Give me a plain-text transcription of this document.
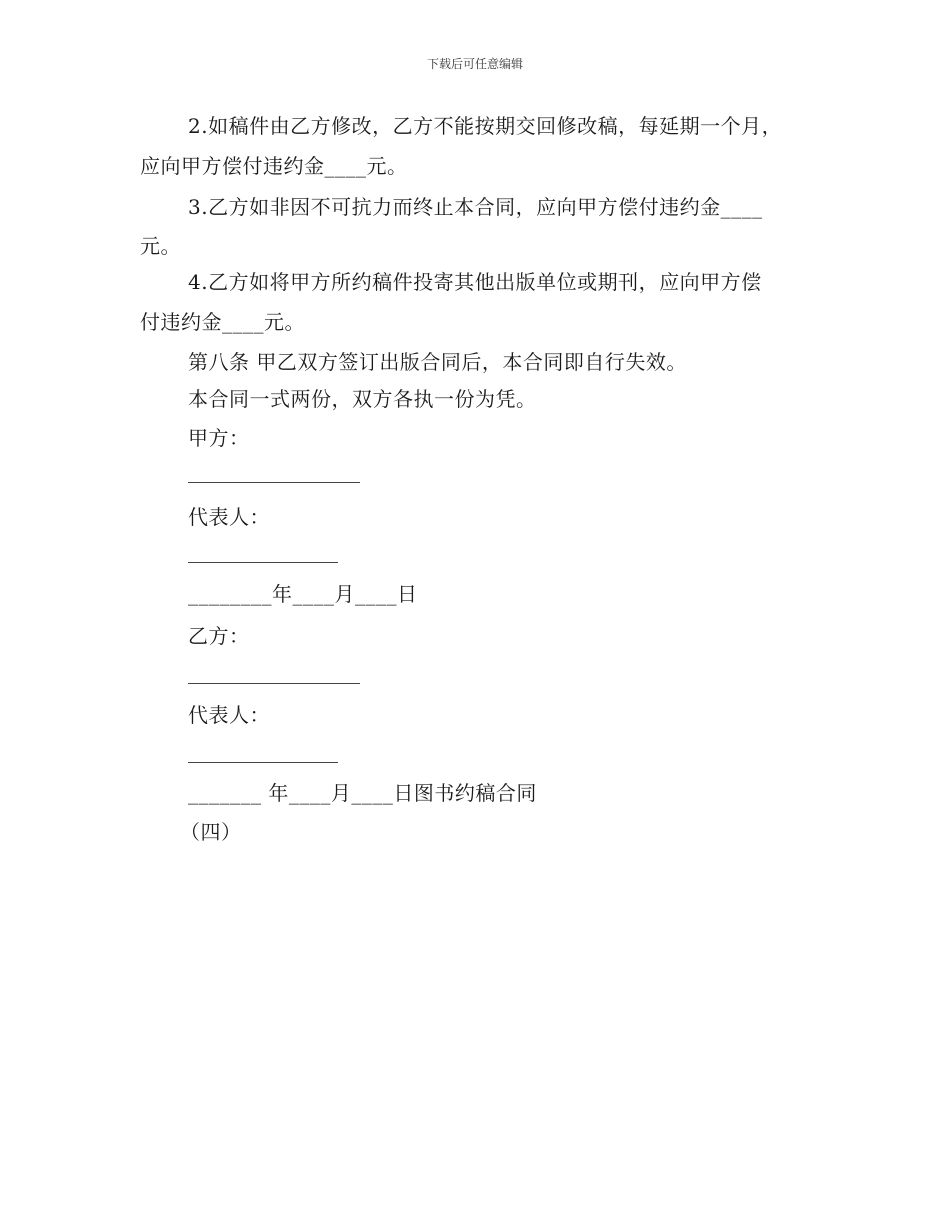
下载后可任意编辑
2.如稿件由乙方修改，乙方不能按期交回修改稿，每延期一个月，
应向甲方偿付违约金____元。
3.乙方如非因不可抗力而终止本合同，应向甲方偿付违约金____
元。
4.乙方如将甲方所约稿件投寄其他出版单位或期刊，应向甲方偿
付违约金____元。
第八条 甲乙双方签订出版合同后，本合同即自行失效。
本合同一式两份，双方各执一份为凭。
甲方：
代表人：
________年____月____日
乙方：
代表人：
_______ 年____月____日图书约稿合同
（四）
